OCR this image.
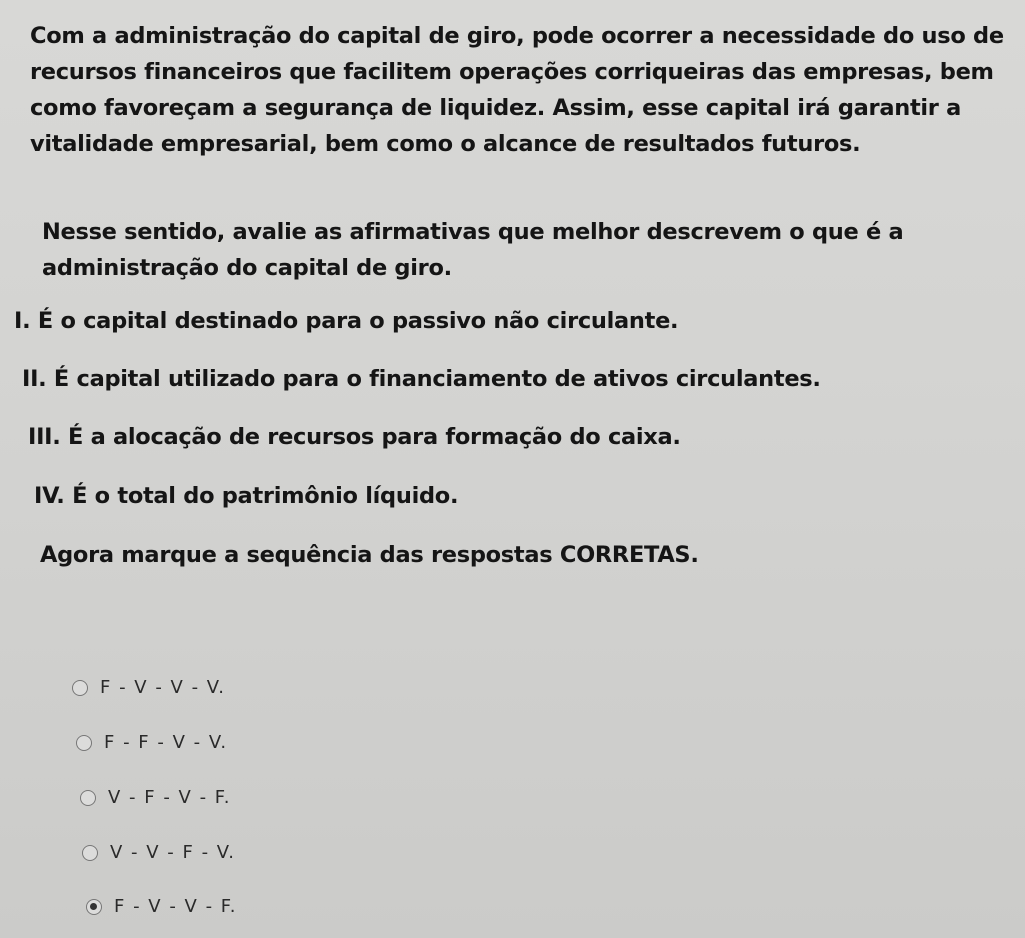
Com a administração do capital de giro, pode ocorrer a necessidade do uso de recursos financeiros que facilitem operações corriqueiras das empresas, bem como favoreçam a segurança de liquidez. Assim, esse capital irá garantir a vitalidade empresarial, bem como o alcance de resultados futuros.

Nesse sentido, avalie as afirmativas que melhor descrevem o que é a administração do capital de giro.

I. É o capital destinado para o passivo não circulante.
II. É capital utilizado para o financiamento de ativos circulantes.
III. É a alocação de recursos para formação do caixa.
IV. É o total do patrimônio líquido.
Agora marque a sequência das respostas CORRETAS.
F - V - V - V.
F - F - V - V.
V - F - V - F.
V - V - F - V.
F - V - V - F.
